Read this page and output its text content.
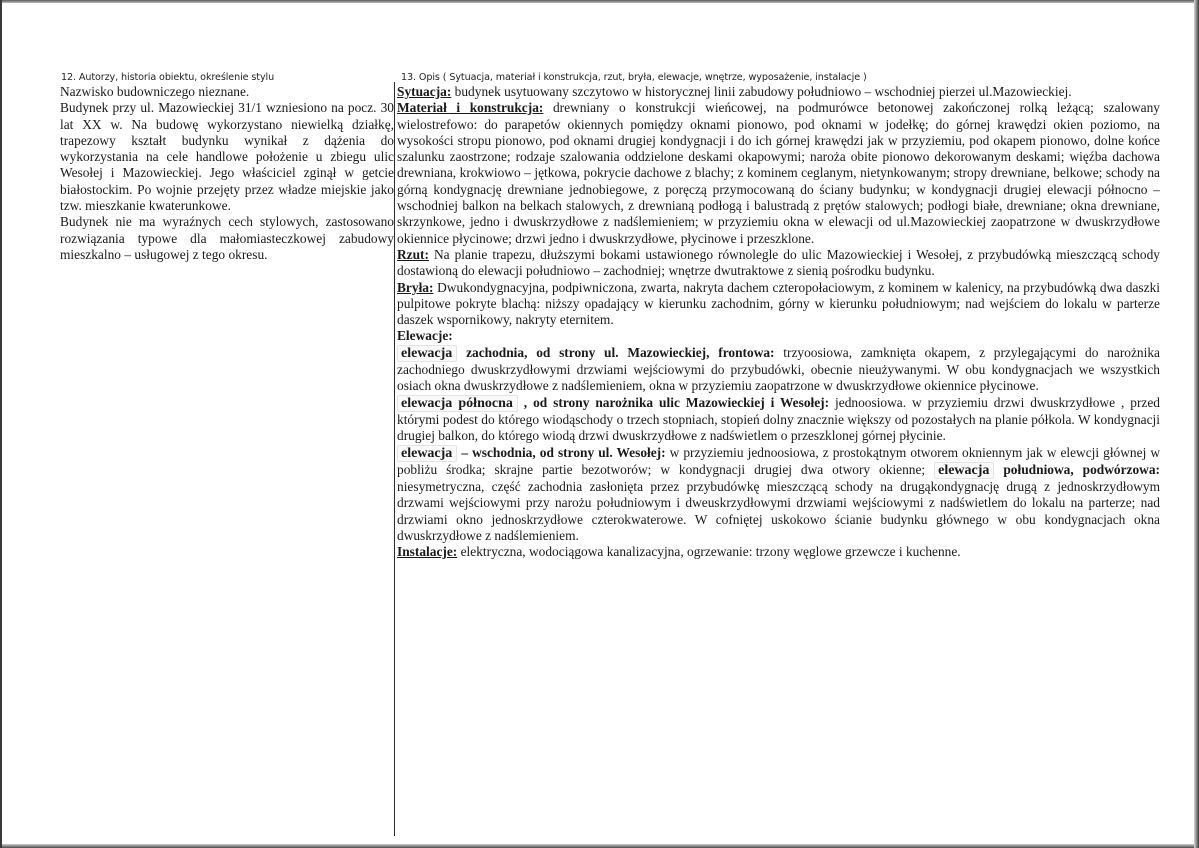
12. Autorzy, historia obiektu, określenie stylu	13. Opis ( Sytuacja, materiał i konstrukcja, rzut, bryła, elewacje, wnętrze, wyposażenie, instalacje )

Nazwisko budowniczego nieznane.

Budynek przy ul. Mazowieckiej 31/1 wzniesiono na pocz. 30 lat XX w. Na budowę wykorzystano niewielką działkę, trapezowy kształt budynku wynikał z dążenia do wykorzystania na cele handlowe położenie u zbiegu ulic Wesołej i Mazowieckiej. Jego właściciel zginął w getcie białostockim. Po wojnie przejęty przez władze miejskie jako tzw. mieszkanie kwaterunkowe.

Budynek nie ma wyraźnych cech stylowych, zastosowano rozwiązania typowe dla małomiasteczkowej zabudowy mieszkalno – usługowej z tego okresu.

Sytuacja: budynek usytuowany szczytowo w historycznej linii zabudowy południowo – wschodniej pierzei ul.Mazowieckiej.

Materiał i konstrukcja: drewniany o konstrukcji wieńcowej, na podmurówce betonowej zakończonej rolką leżącą; szalowany wielostrefowo: do parapetów okiennych pomiędzy oknami pionowo, pod oknami w jodełkę; do górnej krawędzi okien poziomo, na wysokości stropu pionowo, pod oknami drugiej kondygnacji i do ich górnej krawędzi jak w przyziemiu, pod okapem pionowo, dolne końce szalunku zaostrzone; rodzaje szalowania oddzielone deskami okapowymi; naroża obite pionowo dekorowanym deskami; więźba dachowa drewniana, krokwiowo – jętkowa, pokrycie dachowe z blachy; z kominem ceglanym, nietynkowanym; stropy drewniane, belkowe; schody na górną kondygnację drewniane jednobiegowe, z poręczą przymocowaną do ściany budynku; w kondygnacji drugiej elewacji północno – wschodniej balkon na belkach stalowych, z drewnianą podłogą i balustradą z prętów stalowych; podłogi białe, drewniane; okna drewniane, skrzynkowe, jedno i dwuskrzydłowe z nadślemieniem; w przyziemiu okna w elewacji od ul.Mazowieckiej zaopatrzone w dwuskrzydłowe okiennice płycinowe; drzwi jedno i dwuskrzydłowe, płycinowe i przeszklone.

Rzut: Na planie trapezu, dłuższymi bokami ustawionego równolegle do ulic Mazowieckiej i Wesołej, z przybudówką mieszczącą schody dostawioną do elewacji południowo – zachodniej; wnętrze dwutraktowe z sienią pośrodku budynku.

Bryła: Dwukondygnacyjna, podpiwniczona, zwarta, nakryta dachem czteropołaciowym, z kominem w kalenicy, na przybudówką dwa daszki pulpitowe pokryte blachą: niższy opadający w kierunku zachodnim, górny w kierunku południowym; nad wejściem do lokalu w parterze daszek wspornikowy, nakryty eternitem.

Elewacje:

elewacja zachodnia, od strony ul. Mazowieckiej, frontowa: trzyoosiowa, zamknięta okapem, z przylegającymi do narożnika zachodniego dwuskrzydłowymi drzwiami wejściowymi do przybudówki, obecnie nieużywanymi. W obu kondygnacjach we wszystkich osiach okna dwuskrzydłowe z nadślemieniem, okna w przyziemiu zaopatrzone w dwuskrzydłowe okiennice płycinowe.

elewacja północna , od strony narożnika ulic Mazowieckiej i Wesołej: jednoosiowa. w przyziemiu drzwi dwuskrzydłowe , przed którymi podest do którego wiodąschody o trzech stopniach, stopień dolny znacznie większy od pozostałych na planie półkola. W kondygnacji drugiej balkon, do którego wiodą drzwi dwuskrzydłowe z nadświetlem o przeszklonej górnej płycinie.

elewacja – wschodnia, od strony ul. Wesołej: w przyziemiu jednoosiowa, z prostokątnym otworem okniennym jak w elewcji głównej w pobliżu środka; skrajne partie bezotworów; w kondygnacji drugiej dwa otwory okienne; elewacja południowa, podwórzowa: niesymetryczna, część zachodnia zasłonięta przez przybudówkę mieszczącą schody na drugąkondygnację drugą z jednoskrzydłowym drzwami wejściowymi przy narożu południowym i dweuskrzydłowymi drzwiami wejściowymi z nadświetlem do lokalu na parterze; nad drzwiami okno jednoskrzydłowe czterokwaterowe. W cofniętej uskokowo ścianie budynku głównego w obu kondygnacjach okna dwuskrzydłowe z nadślemieniem.

Instalacje: elektryczna, wodociągowa kanalizacyjna, ogrzewanie: trzony węglowe grzewcze i kuchenne.
